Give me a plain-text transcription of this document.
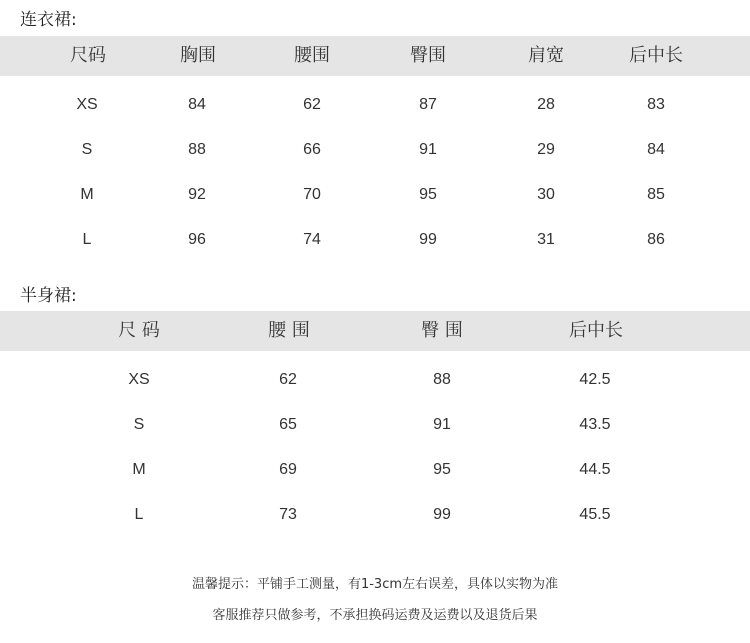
连衣裙:
尺码	胸围	腰围	臀围	肩宽	后中长
XS	84	62	87	28	83
S	88	66	91	29	84
M	92	70	95	30	85
L	96	74	99	31	86
半身裙:
尺 码	腰 围	臀 围	后中长
XS	62	88	42.5
S	65	91	43.5
M	69	95	44.5
L	73	99	45.5
温馨提示：平铺手工测量，有1-3cm左右误差，具体以实物为准
客服推荐只做参考，不承担换码运费及运费以及退货后果
